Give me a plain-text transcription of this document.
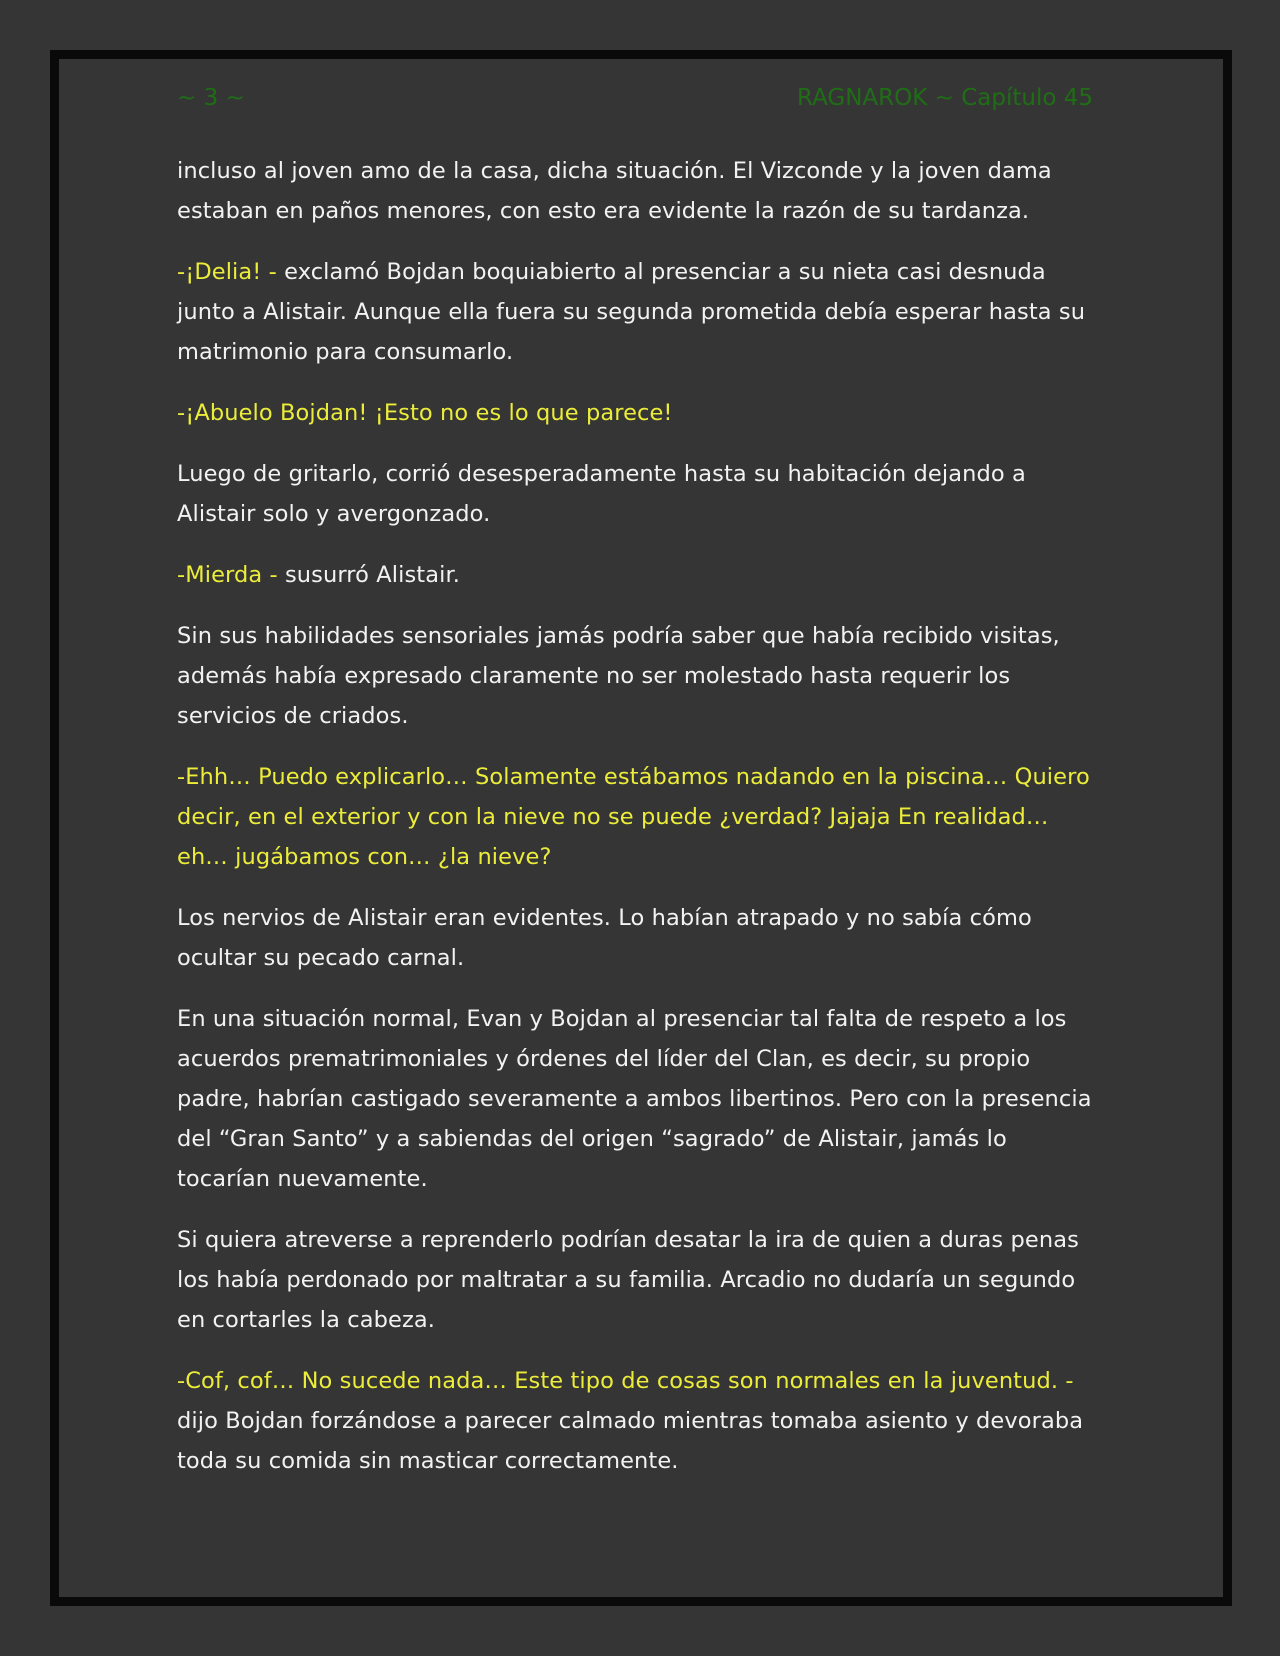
~ 3 ~	RAGNAROK ~ Capítulo 45

incluso al joven amo de la casa, dicha situación. El Vizconde y la joven dama estaban en paños menores, con esto era evidente la razón de su tardanza.

-¡Delia! - exclamó Bojdan boquiabierto al presenciar a su nieta casi desnuda junto a Alistair. Aunque ella fuera su segunda prometida debía esperar hasta su matrimonio para consumarlo.

-¡Abuelo Bojdan! ¡Esto no es lo que parece!

Luego de gritarlo, corrió desesperadamente hasta su habitación dejando a Alistair solo y avergonzado.

-Mierda - susurró Alistair.

Sin sus habilidades sensoriales jamás podría saber que había recibido visitas, además había expresado claramente no ser molestado hasta requerir los servicios de criados.

-Ehh… Puedo explicarlo… Solamente estábamos nadando en la piscina… Quiero decir, en el exterior y con la nieve no se puede ¿verdad? Jajaja En realidad… eh… jugábamos con… ¿la nieve?

Los nervios de Alistair eran evidentes. Lo habían atrapado y no sabía cómo ocultar su pecado carnal.

En una situación normal, Evan y Bojdan al presenciar tal falta de respeto a los acuerdos prematrimoniales y órdenes del líder del Clan, es decir, su propio padre, habrían castigado severamente a ambos libertinos. Pero con la presencia del “Gran Santo” y a sabiendas del origen “sagrado” de Alistair, jamás lo tocarían nuevamente.

Si quiera atreverse a reprenderlo podrían desatar la ira de quien a duras penas los había perdonado por maltratar a su familia. Arcadio no dudaría un segundo en cortarles la cabeza.

-Cof, cof… No sucede nada… Este tipo de cosas son normales en la juventud. - dijo Bojdan forzándose a parecer calmado mientras tomaba asiento y devoraba toda su comida sin masticar correctamente.
